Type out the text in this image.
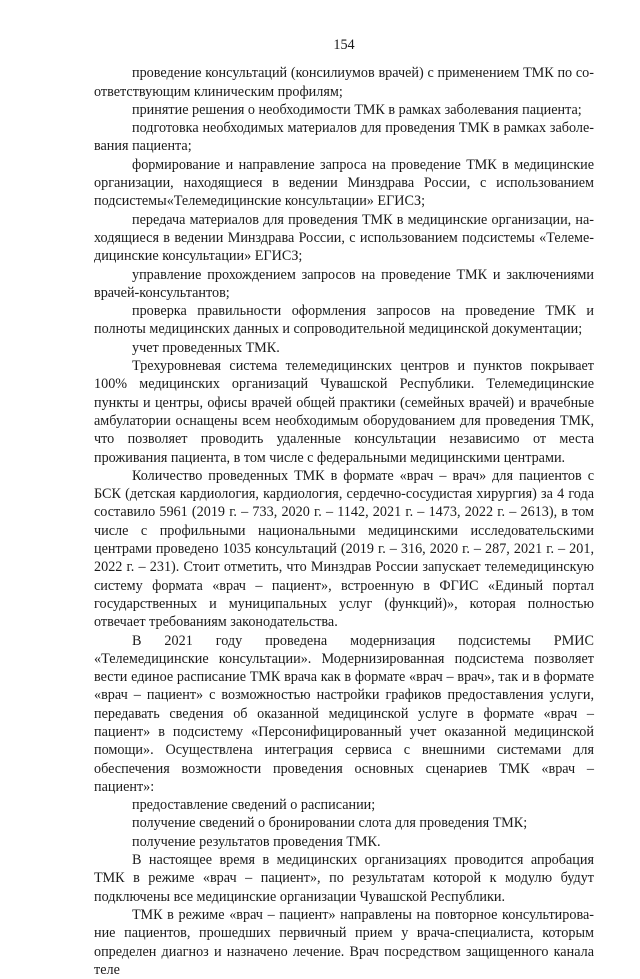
154

проведение консультаций (консилиумов врачей) с применением ТМК по соответствующим клиническим профилям;

принятие решения о необходимости ТМК в рамках заболевания пациента;

подготовка необходимых материалов для проведения ТМК в рамках заболевания пациента;

формирование и направление запроса на проведение ТМК в медицинские организации, находящиеся в ведении Минздрава России, с использованием подсистемы«Телемедицинские консультации» ЕГИСЗ;

передача материалов для проведения ТМК в медицинские организации, находящиеся в ведении Минздрава России, с использованием подсистемы «Телемедицинские консультации» ЕГИСЗ;

управление прохождением запросов на проведение ТМК и заключениями врачей-консультантов;

проверка правильности оформления запросов на проведение ТМК и полноты медицинских данных и сопроводительной медицинской документации;

учет проведенных ТМК.

Трехуровневая система телемедицинских центров и пунктов покрывает 100% медицинских организаций Чувашской Республики. Телемедицинские пункты и центры, офисы врачей общей практики (семейных врачей) и врачебные амбулатории оснащены всем необходимым оборудованием для проведения ТМК, что позволяет проводить удаленные консультации независимо от места проживания пациента, в том числе с федеральными медицинскими центрами.

Количество проведенных ТМК в формате «врач – врач» для пациентов с БСК (детская кардиология, кардиология, сердечно-сосудистая хирургия) за 4 года составило 5961 (2019 г. – 733, 2020 г. – 1142, 2021 г. – 1473, 2022 г. – 2613), в том числе с профильными национальными медицинскими исследовательскими центрами проведено 1035 консультаций (2019 г. – 316, 2020 г. – 287, 2021 г. – 201, 2022 г. – 231). Стоит отметить, что Минздрав России запускает телемедицинскую систему формата «врач – пациент», встроенную в ФГИС «Единый портал государственных и муниципальных услуг (функций)», которая полностью отвечает требованиям законодательства.

В 2021 году проведена модернизация подсистемы РМИС «Телемедицинские консультации». Модернизированная подсистема позволяет вести единое расписание ТМК врача как в формате «врач – врач», так и в формате «врач – пациент» с возможностью настройки графиков предоставления услуги, передавать сведения об оказанной медицинской услуге в формате «врач – пациент» в подсистему «Персонифицированный учет оказанной медицинской помощи». Осуществлена интеграция сервиса с внешними системами для обеспечения возможности проведения основных сценариев ТМК «врач – пациент»:

предоставление сведений о расписании;

получение сведений о бронировании слота для проведения ТМК;

получение результатов проведения ТМК.

В настоящее время в медицинских организациях проводится апробация ТМК в режиме «врач – пациент», по результатам которой к модулю будут подключены все медицинские организации Чувашской Республики.

ТМК в режиме «врач – пациент» направлены на повторное консультирование пациентов, прошедших первичный прием у врача-специалиста, которым определен диагноз и назначено лечение. Врач посредством защищенного канала теле
